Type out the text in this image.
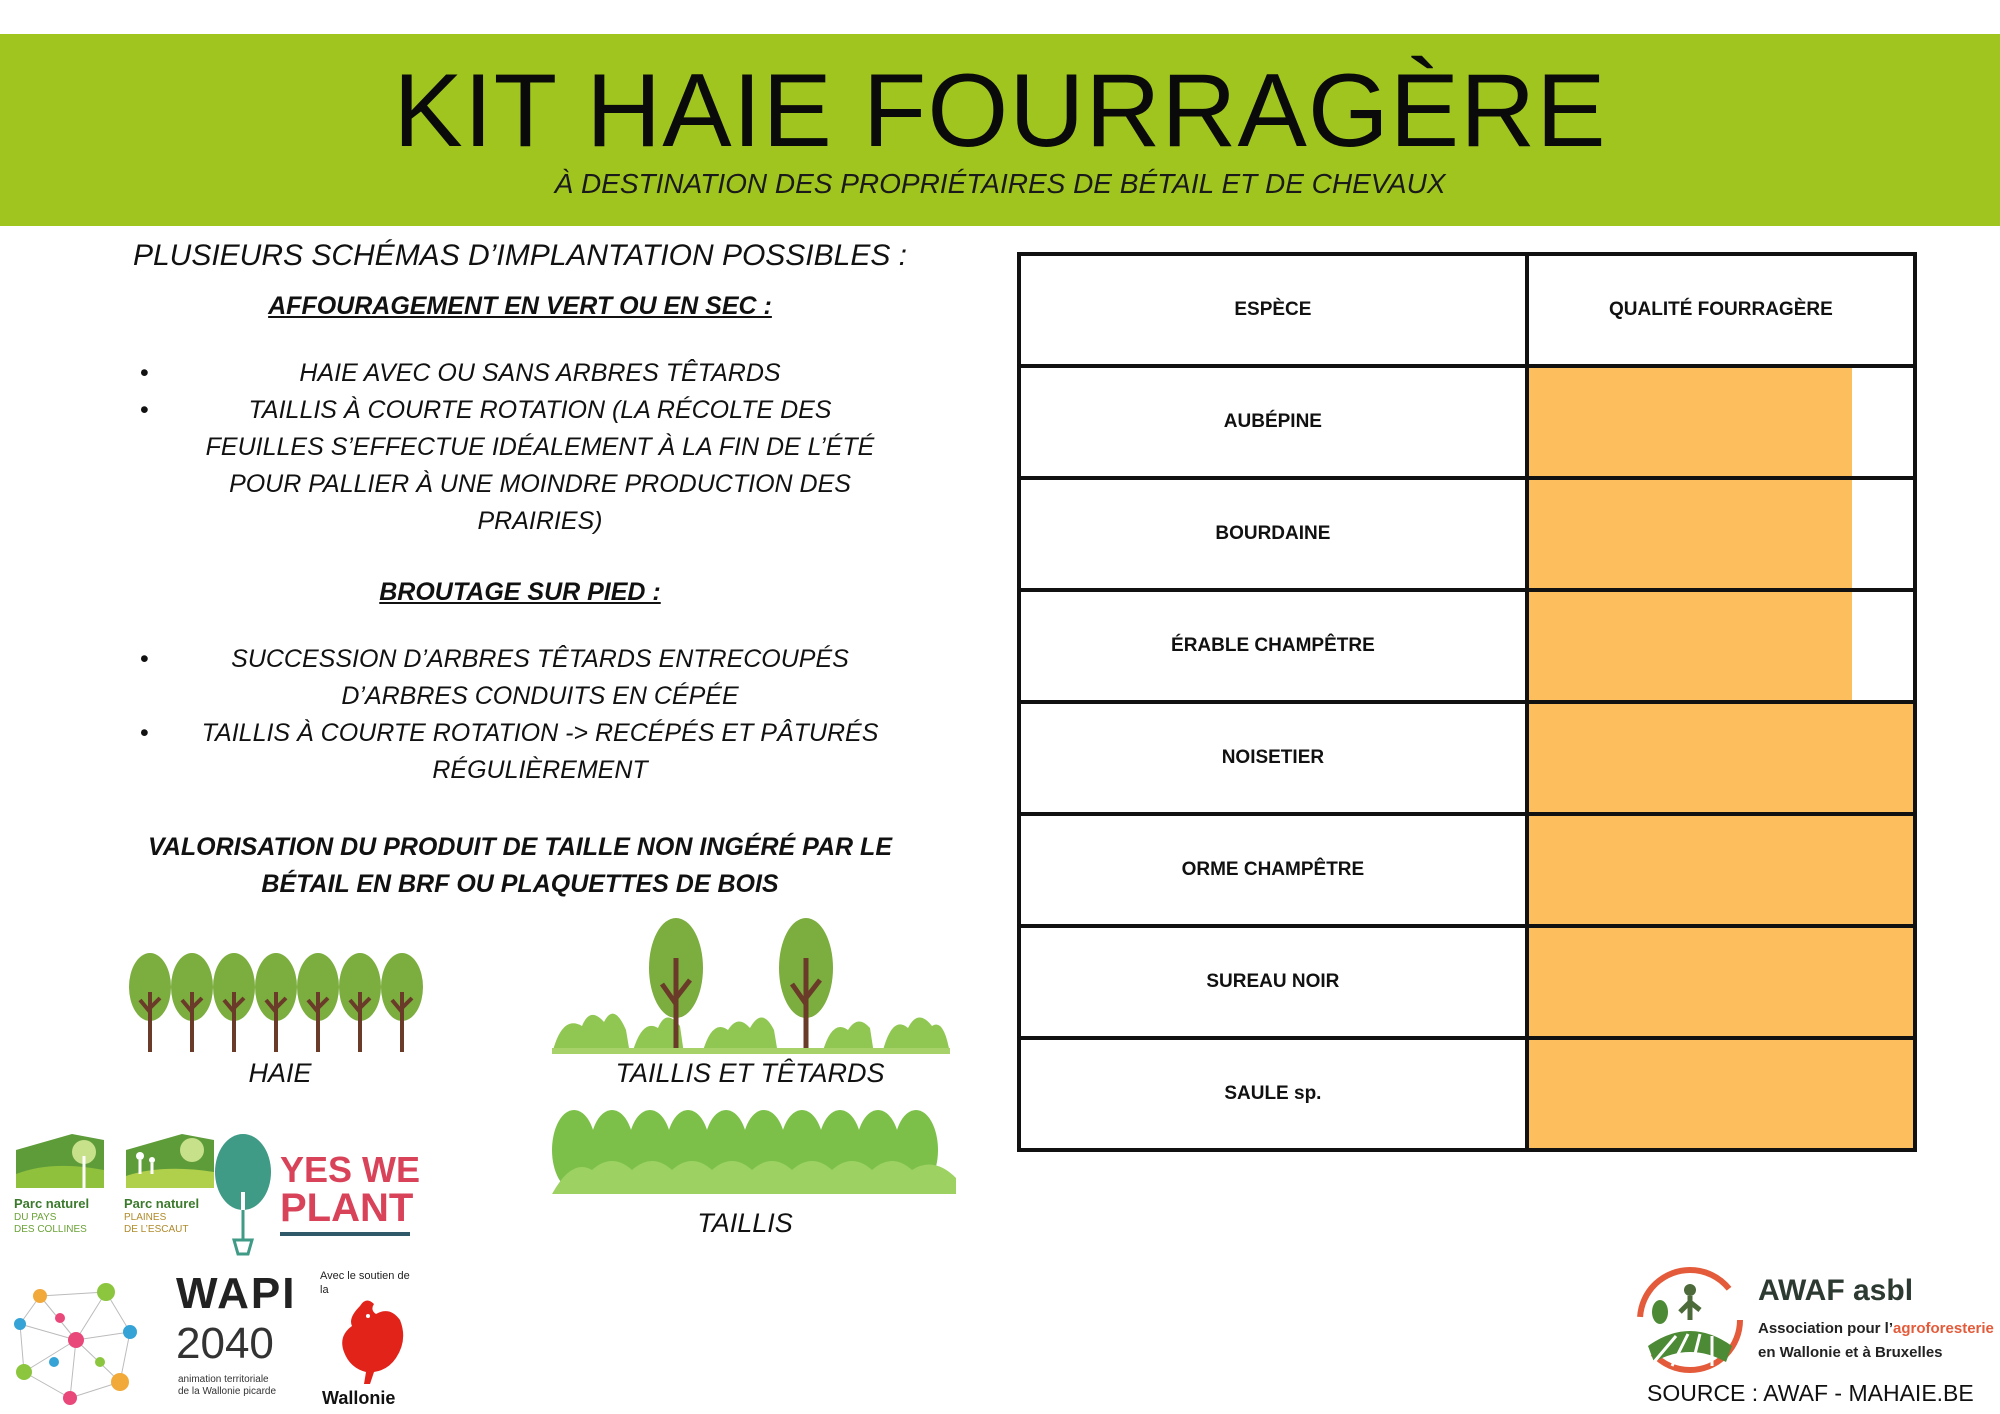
KIT HAIE FOURRAGÈRE
À DESTINATION DES PROPRIÉTAIRES DE BÉTAIL ET DE CHEVAUX

PLUSIEURS SCHÉMAS D’IMPLANTATION POSSIBLES :

AFFOURAGEMENT EN VERT OU EN SEC :
• HAIE AVEC OU SANS ARBRES TÊTARDS
• TAILLIS À COURTE ROTATION (LA RÉCOLTE DES FEUILLES S’EFFECTUE IDÉALEMENT À LA FIN DE L’ÉTÉ POUR PALLIER À UNE MOINDRE PRODUCTION DES PRAIRIES)
BROUTAGE SUR PIED :
• SUCCESSION D’ARBRES TÊTARDS ENTRECOUPÉS D’ARBRES CONDUITS EN CÉPÉE
• TAILLIS À COURTE ROTATION -> RECÉPÉS ET PÂTURÉS RÉGULIÈREMENT
VALORISATION DU PRODUIT DE TAILLE NON INGÉRÉ PAR LE BÉTAIL EN BRF OU PLAQUETTES DE BOIS
HAIE	TAILLIS ET TÊTARDS
TAILLIS
ESPÈCE	QUALITÉ FOURRAGÈRE
AUBÉPINE	

BOURDAINE	

ÉRABLE CHAMPÊTRE	

NOISETIER	

ORME CHAMPÊTRE	

SUREAU NOIR	

SAULE sp.	
Parc naturel
DU PAYS
DES COLLINES
Parc naturel
PLAINES
DE L’ESCAUT
YES WE
PLANT
WAPI
2040
animation territoriale
de la Wallonie picarde
Avec le soutien de
la
Wallonie
AWAF asbl
Association pour l’agroforesterie
en Wallonie et à Bruxelles
SOURCE : AWAF - MAHAIE.BE
